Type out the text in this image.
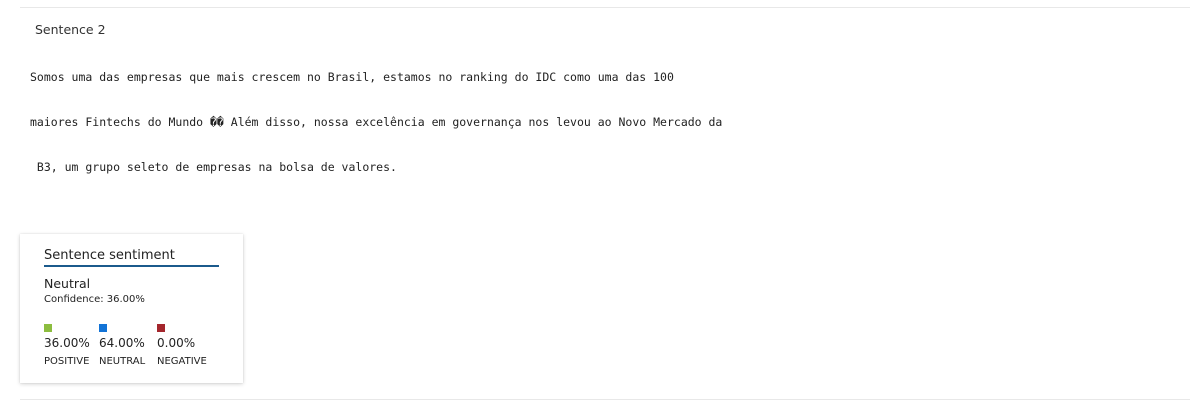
Sentence 2
Somos uma das empresas que mais crescem no Brasil, estamos no ranking do IDC como uma das 100
maiores Fintechs do Mundo �� Além disso, nossa excelência em governança nos levou ao Novo Mercado da
B3, um grupo seleto de empresas na bolsa de valores.
Sentence sentiment
Neutral
Confidence: 36.00%
36.00%
POSITIVE
64.00%
NEUTRAL
0.00%
NEGATIVE
